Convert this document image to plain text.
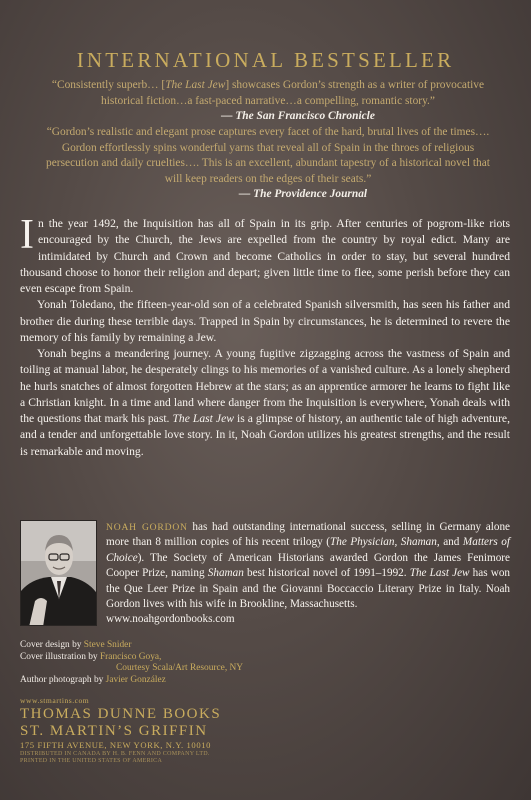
INTERNATIONAL BESTSELLER
“Consistently superb… [The Last Jew] showcases Gordon’s strength as a writer of provocative historical fiction…a fast-paced narrative…a compelling, romantic story.”
— The San Francisco Chronicle
“Gordon’s realistic and elegant prose captures every facet of the hard, brutal lives of the times…. Gordon effortlessly spins wonderful yarns that reveal all of Spain in the throes of religious persecution and daily cruelties…. This is an excellent, abundant tapestry of a historical novel that will keep readers on the edges of their seats.”
— The Providence Journal

In the year 1492, the Inquisition has all of Spain in its grip. After centuries of pogrom-like riots encouraged by the Church, the Jews are expelled from the country by royal edict. Many are intimidated by Church and Crown and become Catholics in order to stay, but several hundred thousand choose to honor their religion and depart; given little time to flee, some perish before they can even escape from Spain.

Yonah Toledano, the fifteen-year-old son of a celebrated Spanish silversmith, has seen his father and brother die during these terrible days. Trapped in Spain by circumstances, he is determined to revere the memory of his family by remaining a Jew.

Yonah begins a meandering journey. A young fugitive zigzagging across the vastness of Spain and toiling at manual labor, he desperately clings to his memories of a vanished culture. As a lonely shepherd he hurls snatches of almost forgotten Hebrew at the stars; as an apprentice armorer he learns to fight like a Christian knight. In a time and land where danger from the Inquisition is everywhere, Yonah deals with the questions that mark his past. The Last Jew is a glimpse of history, an authentic tale of high adventure, and a tender and unforgettable love story. In it, Noah Gordon utilizes his greatest strengths, and the result is remarkable and moving.

NOAH GORDON has had outstanding international success, selling in Germany alone more than 8 million copies of his recent trilogy (The Physician, Shaman, and Matters of Choice). The Society of American Historians awarded Gordon the James Fenimore Cooper Prize, naming Shaman best historical novel of 1991–1992. The Last Jew has won the Que Leer Prize in Spain and the Giovanni Boccaccio Literary Prize in Italy. Noah Gordon lives with his wife in Brookline, Massachusetts.
www.noahgordonbooks.com
Cover design by Steve Snider
Cover illustration by Francisco Goya,
Courtesy Scala/Art Resource, NY
Author photograph by Javier González
www.stmartins.com
THOMAS DUNNE BOOKS
ST. MARTIN’S GRIFFIN
175 FIFTH AVENUE, NEW YORK, N.Y. 10010
DISTRIBUTED IN CANADA BY H. B. FENN AND COMPANY LTD.
PRINTED IN THE UNITED STATES OF AMERICA
